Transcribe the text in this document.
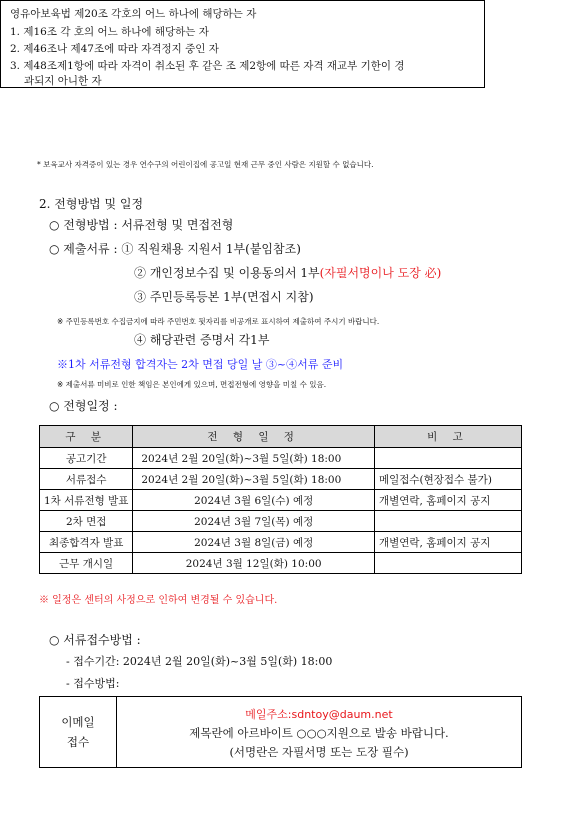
영유아보육법 제20조 각호의 어느 하나에 해당하는 자
1. 제16조 각 호의 어느 하나에 해당하는 자
2. 제46조나 제47조에 따라 자격정지 중인 자
3. 제48조제1항에 따라 자격이 취소된 후 같은 조 제2항에 따른 자격 재교부 기한이 경
과되지 아니한 자
* 보육교사 자격증이 있는 경우 연수구의 어린이집에 공고일 현재 근무 중인 사람은 지원할 수 없습니다.
2. 전형방법 및 일정
○ 전형방법 : 서류전형 및 면접전형
○ 제출서류 : ① 직원채용 지원서 1부(붙임참조)
② 개인정보수집 및 이용동의서 1부(자필서명이나 도장 必)
③ 주민등록등본 1부(면접시 지참)
※ 주민등록번호 수집금지에 따라 주민번호 뒷자리를 비공개로 표시하여 제출하여 주시기 바랍니다.
④ 해당관련 증명서 각1부
※1차 서류전형 합격자는 2차 면접 당일 날 ③~④서류 준비
※ 제출서류 미비로 인한 책임은 본인에게 있으며, 면접전형에 영향을 미칠 수 있음.
○ 전형일정 :
구 분	전 형 일 정	비 고
공고기간	2024년 2월 20일(화)~3월 5일(화) 18:00	
서류접수	2024년 2월 20일(화)~3월 5일(화) 18:00	메일접수(현장접수 불가)
1차 서류전형 발표	2024년 3월 6일(수) 예정	개별연락, 홈페이지 공지
2차 면접	2024년 3월 7일(목) 예정	
최종합격자 발표	2024년 3월 8일(금) 예정	개별연락, 홈페이지 공지
근무 개시일	2024년 3월 12일(화) 10:00	
※ 일정은 센터의 사정으로 인하여 변경될 수 있습니다.
○ 서류접수방법 :
- 접수기간: 2024년 2월 20일(화)~3월 5일(화) 18:00
- 접수방법:
이메일
접수
메일주소:sdntoy@daum.net
제목란에 아르바이트 ○○○지원으로 발송 바랍니다.
(서명란은 자필서명 또는 도장 필수)
